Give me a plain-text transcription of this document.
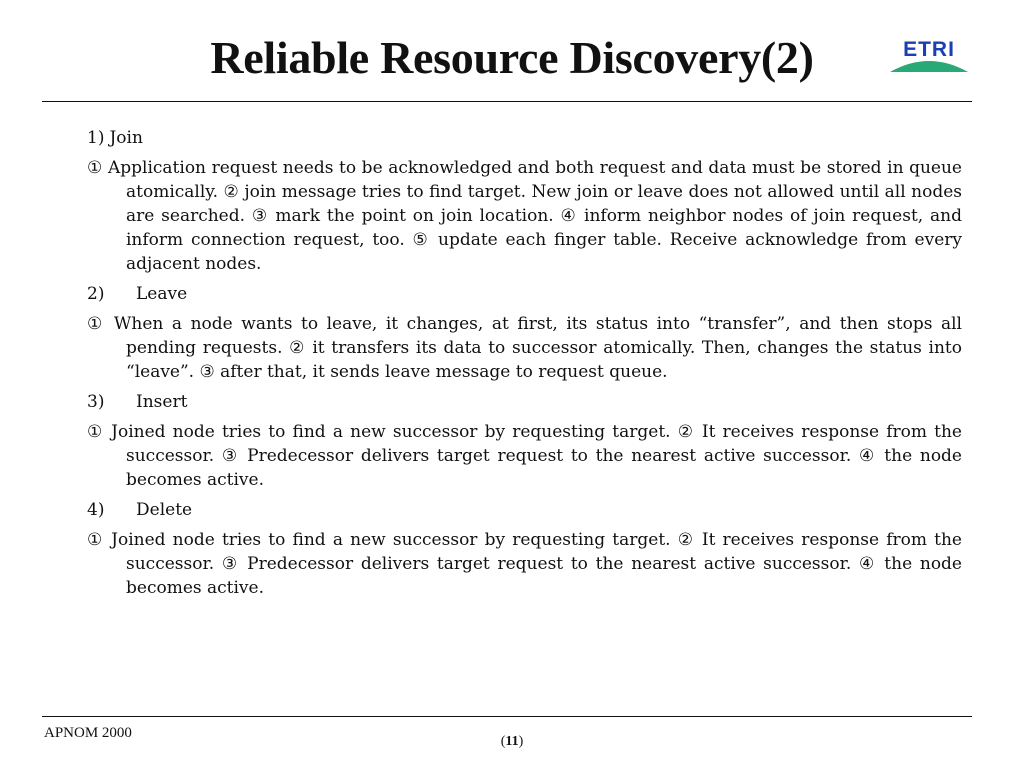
Reliable Resource Discovery(2)	ETRI
1) Join

① Application request needs to be acknowledged and both request and data must be stored in queue atomically. ② join message tries to find target. New join or leave does not allowed until all nodes are searched. ③ mark the point on join location. ④ inform neighbor nodes of join request, and inform connection request, too. ⑤ update each finger table. Receive acknowledge from every adjacent nodes.

2) Leave

① When a node wants to leave, it changes, at first, its status into “transfer”, and then stops all pending requests. ② it transfers its data to successor atomically. Then, changes the status into “leave”. ③ after that, it sends leave message to request queue.

3) Insert

① Joined node tries to find a new successor by requesting target. ② It receives response from the successor. ③ Predecessor delivers target request to the nearest active successor. ④ the node becomes active.

4) Delete

① Joined node tries to find a new successor by requesting target. ② It receives response from the successor. ③ Predecessor delivers target request to the nearest active successor. ④ the node becomes active.

APNOM 2000
(11)
